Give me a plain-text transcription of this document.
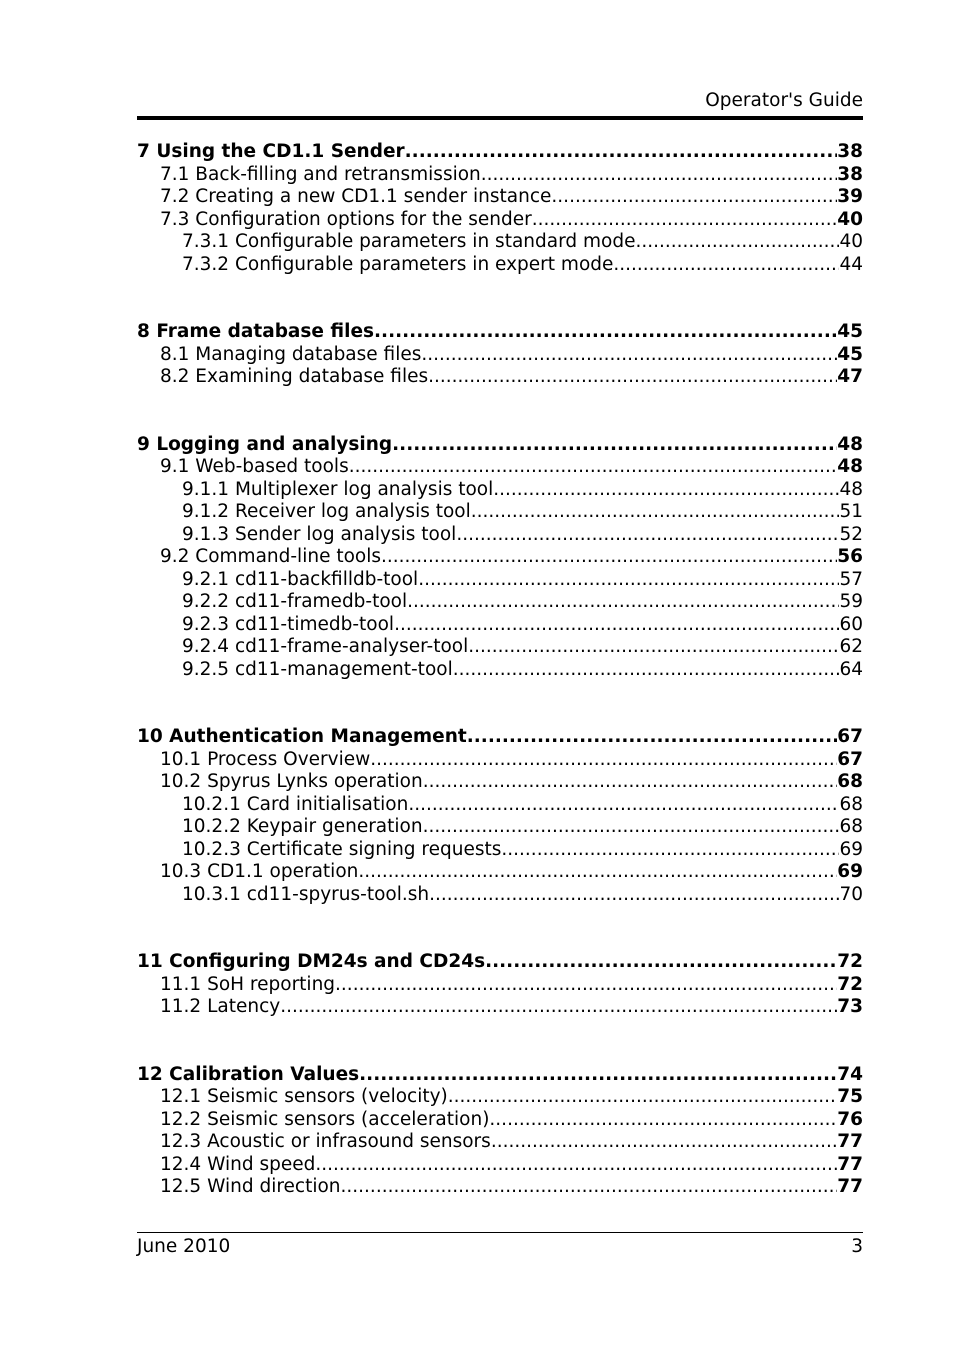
Operator's Guide
7 Using the CD1.1 Sender .....	38
7.1 Back-filling and retransmission .....	38
7.2 Creating a new CD1.1 sender instance .....	39
7.3 Configuration options for the sender .....	40
7.3.1 Configurable parameters in standard mode .....	40
7.3.2 Configurable parameters in expert mode .....	44
8 Frame database files .....	45
8.1 Managing database files .....	45
8.2 Examining database files .....	47
9 Logging and analysing .....	48
9.1 Web-based tools .....	48
9.1.1 Multiplexer log analysis tool .....	48
9.1.2 Receiver log analysis tool .....	51
9.1.3 Sender log analysis tool .....	52
9.2 Command-line tools .....	56
9.2.1 cd11-backfilldb-tool .....	57
9.2.2 cd11-framedb-tool .....	59
9.2.3 cd11-timedb-tool .....	60
9.2.4 cd11-frame-analyser-tool .....	62
9.2.5 cd11-management-tool .....	64
10 Authentication Management .....	67
10.1 Process Overview .....	67
10.2 Spyrus Lynks operation .....	68
10.2.1 Card initialisation .....	68
10.2.2 Keypair generation .....	68
10.2.3 Certificate signing requests .....	69
10.3 CD1.1 operation .....	69
10.3.1 cd11-spyrus-tool.sh .....	70
11 Configuring DM24s and CD24s .....	72
11.1 SoH reporting .....	72
11.2 Latency .....	73
12 Calibration Values .....	74
12.1 Seismic sensors (velocity) .....	75
12.2 Seismic sensors (acceleration) .....	76
12.3 Acoustic or infrasound sensors .....	77
12.4 Wind speed .....	77
12.5 Wind direction .....	77
June 2010	3
